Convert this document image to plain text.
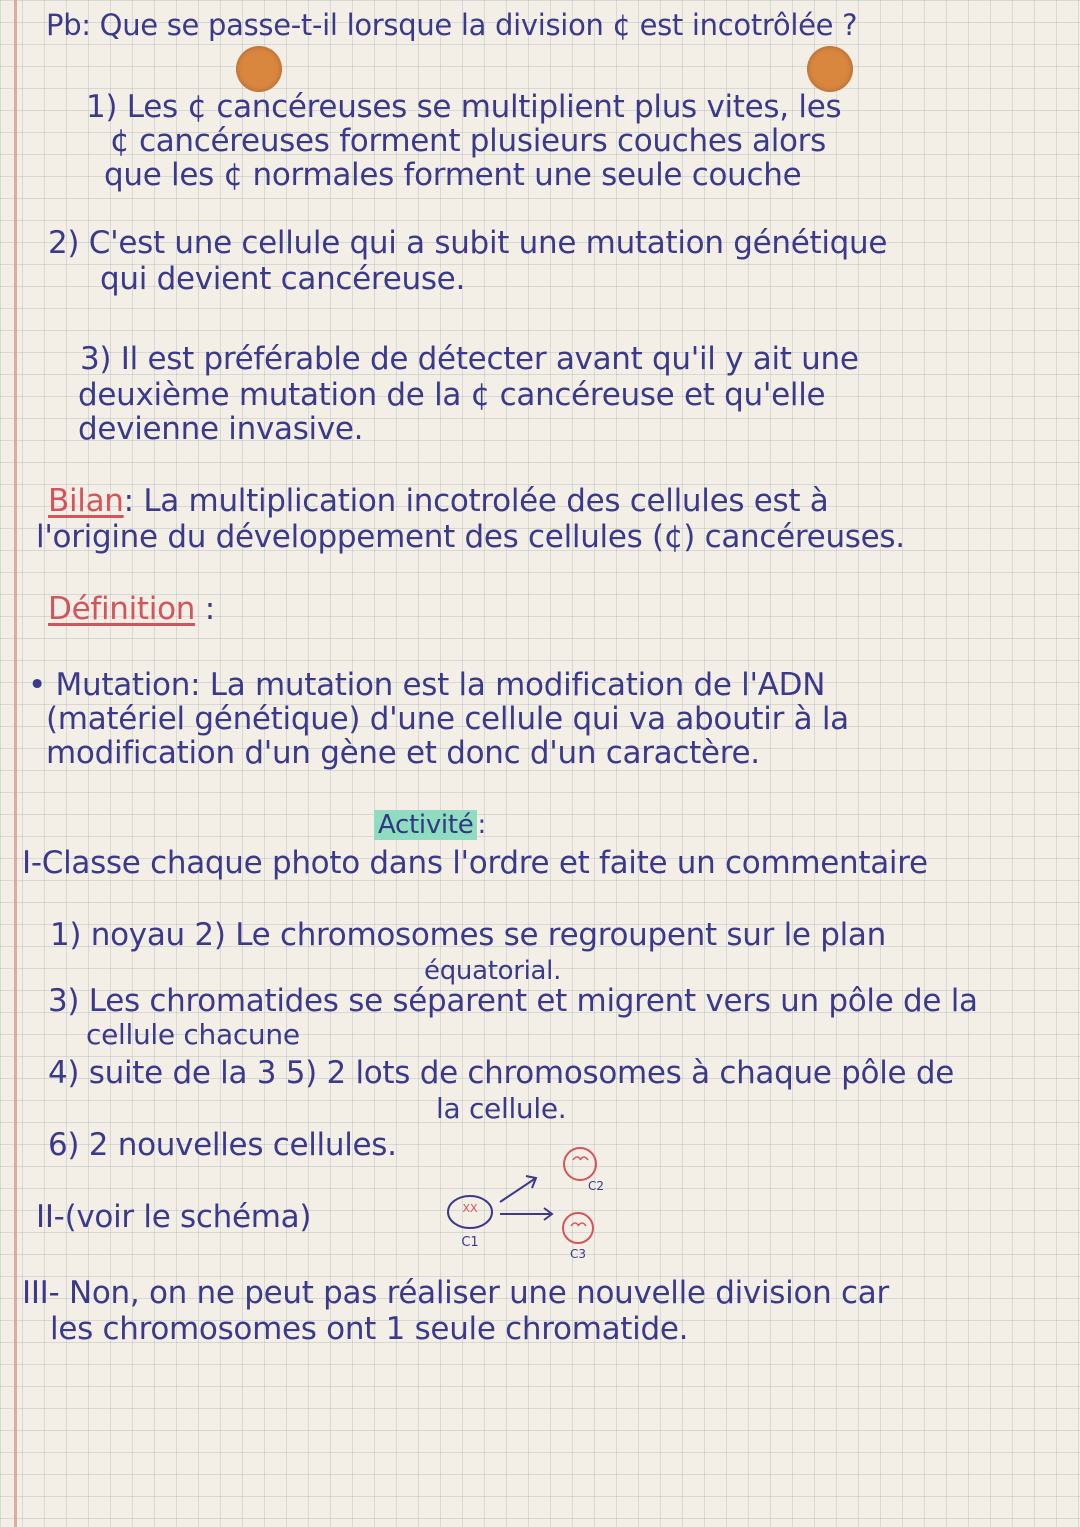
Pb: Que se passe-t-il lorsque la division ¢ est incotrôlée ?
1) Les ¢ cancéreuses se multiplient plus vites, les
¢ cancéreuses forment plusieurs couches alors
que les ¢ normales forment une seule couche
2) C'est une cellule qui a subit une mutation génétique
qui devient cancéreuse.
3) Il est préférable de détecter avant qu'il y ait une
deuxième mutation de la ¢ cancéreuse et qu'elle
devienne invasive.
Bilan: La multiplication incotrolée des cellules est à
l'origine du développement des cellules (¢) cancéreuses.
Définition :
• Mutation: La mutation est la modification de l'ADN
(matériel génétique) d'une cellule qui va aboutir à la
modification d'un gène et donc d'un caractère.
Activité :
I-Classe chaque photo dans l'ordre et faite un commentaire
1) noyau 2) Le chromosomes se regroupent sur le plan
équatorial.
3) Les chromatides se séparent et migrent vers un pôle de la
cellule chacune
4) suite de la 3 5) 2 lots de chromosomes à chaque pôle de
la cellule.
6) 2 nouvelles cellules.
II-(voir le schéma)
III- Non, on ne peut pas réaliser une nouvelle division car
les chromosomes ont 1 seule chromatide.
XX
C1
C2
C3
